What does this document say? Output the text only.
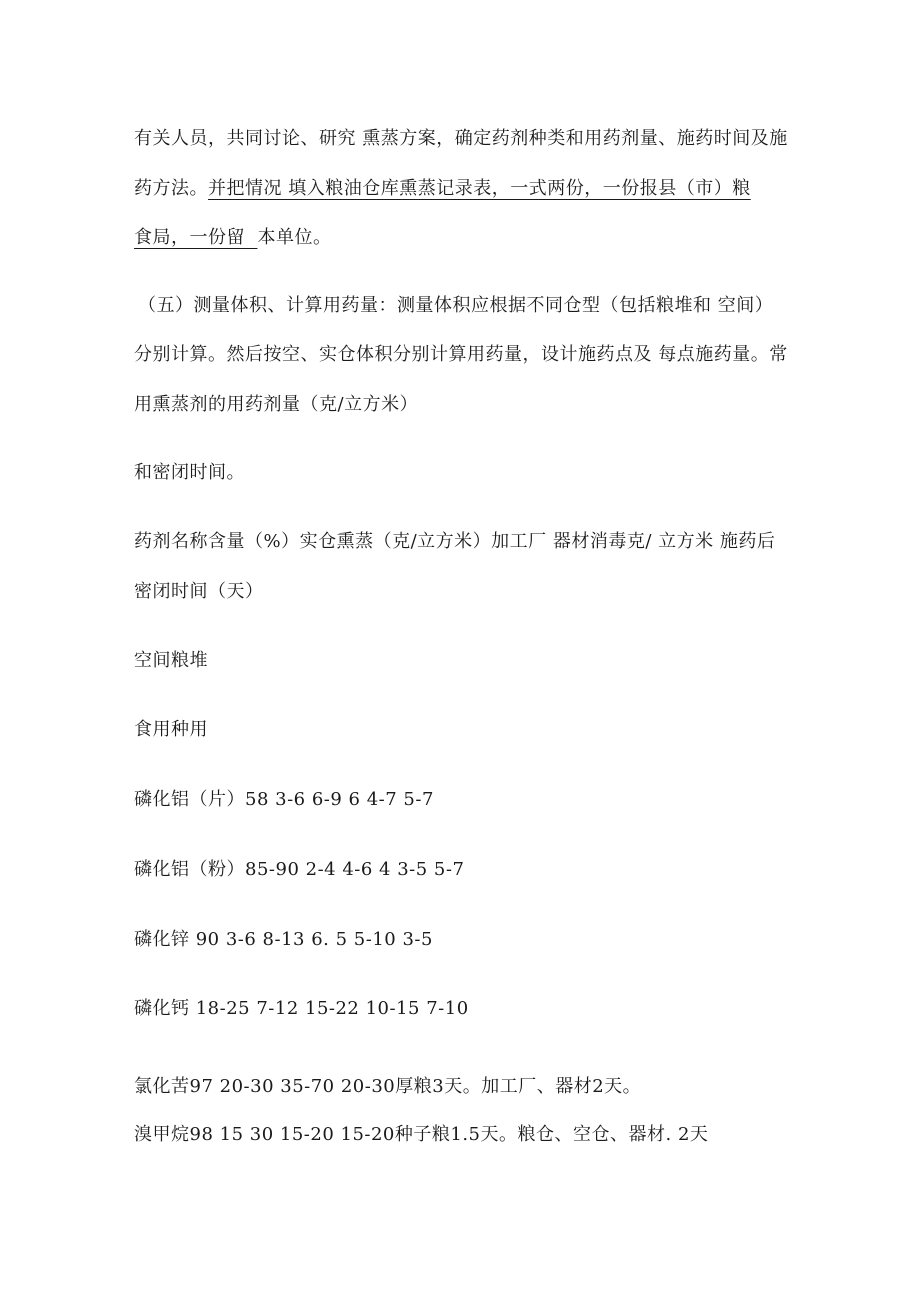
有关人员，共同讨论、研究 熏蒸方案，确定药剂种类和用药剂量、施药时间及施
药方法。并把情况 填入粮油仓库熏蒸记录表，一式两份，一份报县（市）粮
食局，一份留  本单位。
（五）测量体积、计算用药量：测量体积应根据不同仓型（包括粮堆和 空间）
分别计算。然后按空、实仓体积分别计算用药量，设计施药点及 每点施药量。常
用熏蒸剂的用药剂量（克/立方米）
和密闭时间。
药剂名称含量（%）实仓熏蒸（克/立方米）加工厂 器材消毒克/ 立方米 施药后
密闭时间（天）
空间粮堆
食用种用
磷化铝（片）58 3-6 6-9 6 4-7 5-7
磷化铝（粉）85-90 2-4 4-6 4 3-5 5-7
磷化锌 90 3-6 8-13 6. 5 5-10 3-5
磷化钙 18-25 7-12 15-22 10-15 7-10
氯化苦97 20-30 35-70 20-30厚粮3天。加工厂、器材2天。
溴甲烷98 15 30 15-20 15-20种子粮1.5天。粮仓、空仓、器材. 2天
